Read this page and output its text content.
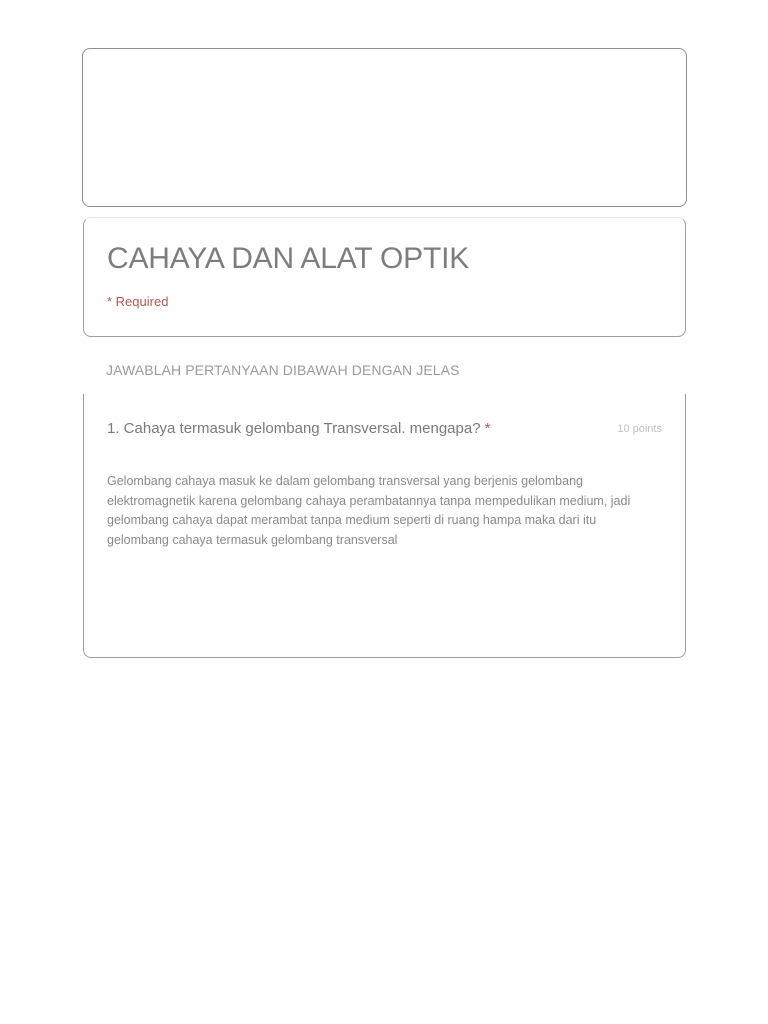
CAHAYA DAN ALAT OPTIK
* Required
JAWABLAH PERTANYAAN DIBAWAH DENGAN JELAS
1. Cahaya termasuk gelombang Transversal. mengapa? *	10 points
Gelombang cahaya masuk ke dalam gelombang transversal yang berjenis gelombang elektromagnetik karena gelombang cahaya perambatannya tanpa mempedulikan medium, jadi gelombang cahaya dapat merambat tanpa medium seperti di ruang hampa maka dari itu gelombang cahaya termasuk gelombang transversal
